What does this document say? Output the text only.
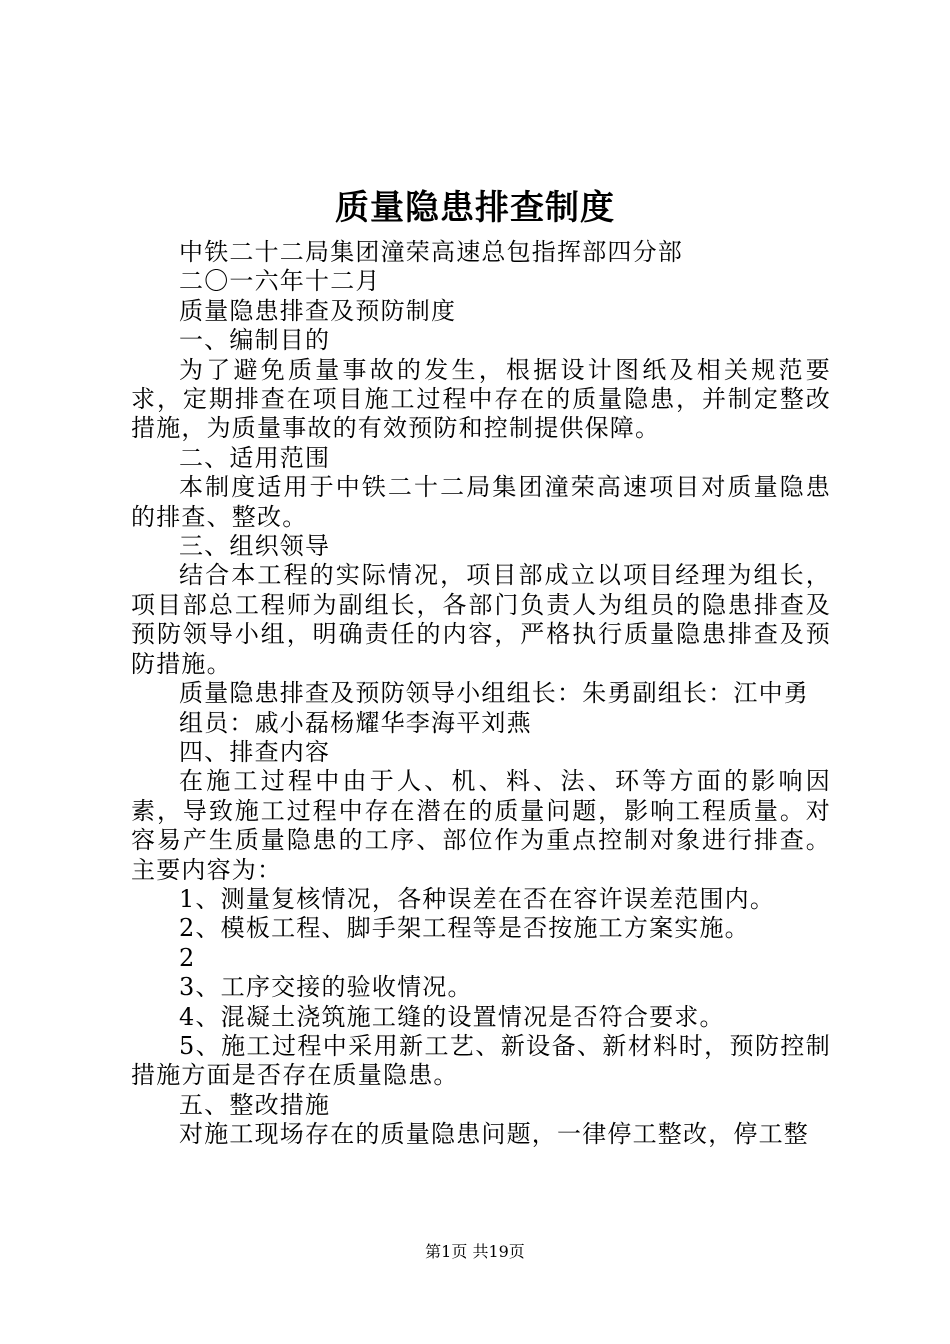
质量隐患排查制度

中铁二十二局集团潼荣高速总包指挥部四分部

二〇一六年十二月

质量隐患排查及预防制度

一、编制目的

为了避免质量事故的发生，根据设计图纸及相关规范要求，定期排查在项目施工过程中存在的质量隐患，并制定整改措施，为质量事故的有效预防和控制提供保障。

二、适用范围

本制度适用于中铁二十二局集团潼荣高速项目对质量隐患的排查、整改。

三、组织领导

结合本工程的实际情况，项目部成立以项目经理为组长，项目部总工程师为副组长，各部门负责人为组员的隐患排查及预防领导小组，明确责任的内容，严格执行质量隐患排查及预防措施。

质量隐患排查及预防领导小组组长：朱勇副组长：江中勇

组员：戚小磊杨耀华李海平刘燕

四、排查内容

在施工过程中由于人、机、料、法、环等方面的影响因素，导致施工过程中存在潜在的质量问题，影响工程质量。对容易产生质量隐患的工序、部位作为重点控制对象进行排查。主要内容为：

1、测量复核情况，各种误差在否在容许误差范围内。

2、模板工程、脚手架工程等是否按施工方案实施。

2

3、工序交接的验收情况。

4、混凝土浇筑施工缝的设置情况是否符合要求。

5、施工过程中采用新工艺、新设备、新材料时，预防控制措施方面是否存在质量隐患。

五、整改措施

对施工现场存在的质量隐患问题，一律停工整改，停工整

第1页 共19页
